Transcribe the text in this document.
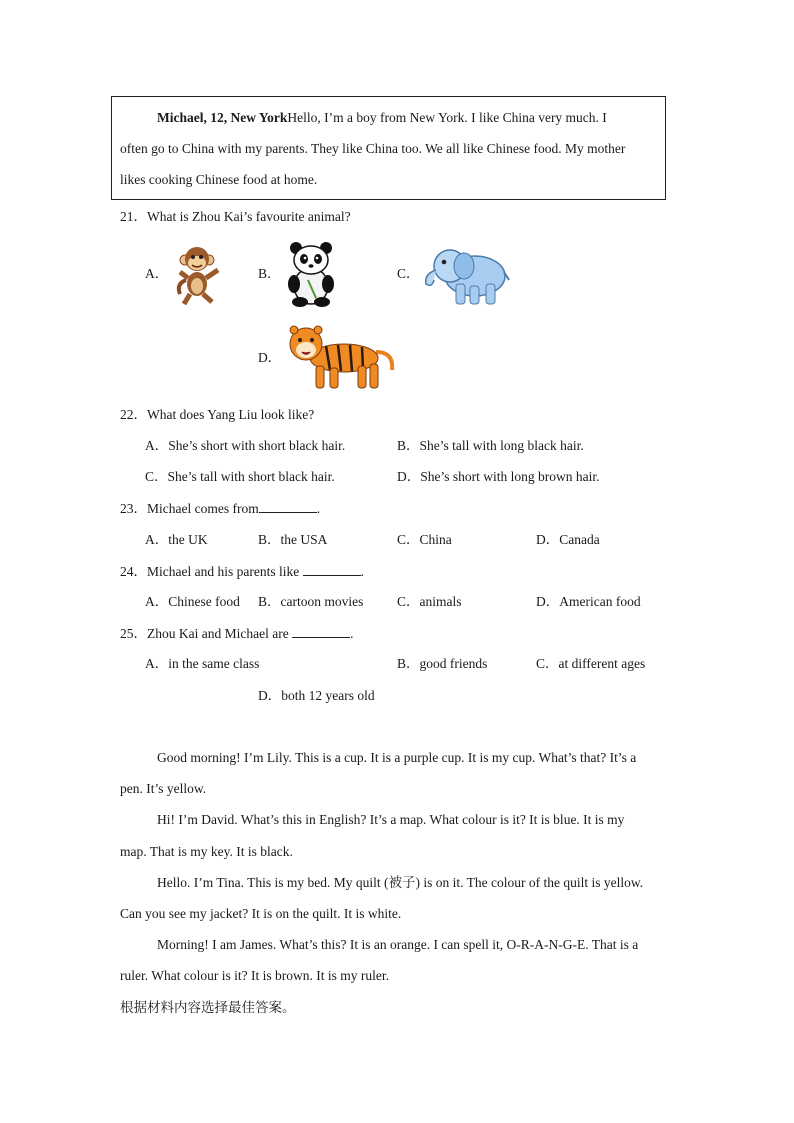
Michael, 12, New YorkHello, I’m a boy from New York. I like China very much. I
often go to China with my parents. They like China too. We all like Chinese food. My mother
likes cooking Chinese food at home.
21．What is Zhou Kai’s favourite animal?
A．	B．	C．
D．
22．What does Yang Liu look like?
A．She’s short with short black hair.	B．She’s tall with long black hair.
C．She’s tall with short black hair.	D．She’s short with long brown hair.
23．Michael comes from	.
A．the UK	B．the USA	C．China	D．Canada
24．Michael and his parents like	.
A．Chinese food B．cartoon movies C．animals	D．American food
25．Zhou Kai and Michael are	.
A．in the same class	B．good friends	C．at different ages
D．both 12 years old
Good morning! I’m Lily. This is a cup. It is a purple cup. It is my cup. What’s that? It’s a
pen. It’s yellow.
Hi! I’m David. What’s this in English? It’s a map. What colour is it? It is blue. It is my
map. That is my key. It is black.
Hello. I’m Tina. This is my bed. My quilt (被子) is on it. The colour of the quilt is yellow.
Can you see my jacket? It is on the quilt. It is white.
Morning! I am James. What’s this? It is an orange. I can spell it, O-R-A-N-G-E. That is a
ruler. What colour is it? It is brown. It is my ruler.
根据材料内容选择最佳答案。
